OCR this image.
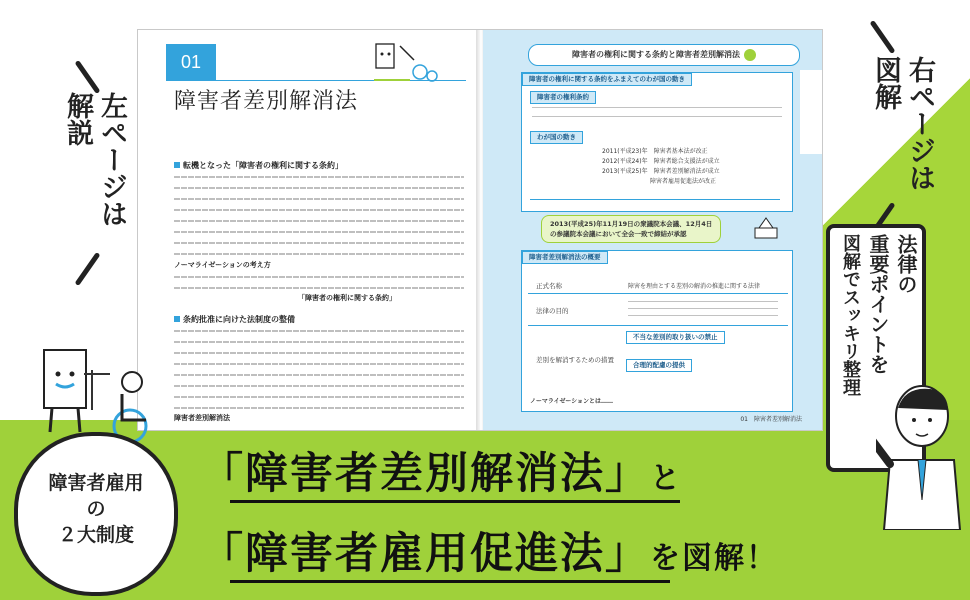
01
障害者差別解消法
転機となった「障害者の権利に関する条約」
ノーマライゼーションの考え方
「障害者の権利に関する条約」
条約批准に向けた法制度の整備
障害者差別解消法
障害者の権利に関する条約と障害者差別解消法
障害者の権利に関する条約をふまえてのわが国の動き
障害者の権利条約
わが国の動き
2011(平成23)年　障害者基本法が改正
2012(平成24)年　障害者総合支援法が成立
2013(平成25)年　障害者差別解消法が成立
　　　　　　　　障害者雇用促進法が改正
2013(平成25)年11月19日の衆議院本会議、12月4日
の参議院本会議において全会一致で締結が承認
障害者差別解消法の概要
正式名称	障害を理由とする差別の解消の推進に関する法律
法律の目的
差別を解消するための措置
不当な差別的取り扱いの禁止
合理的配慮の提供
ノーマライゼーションとは……
01　障害者差別解消法
左ページは解説	右ページは図解
法律の
重要ポイントを
図解でスッキリ整理
障害者雇用
の
２大制度
「障害者差別解消法」と
「障害者雇用促進法」を図解！
